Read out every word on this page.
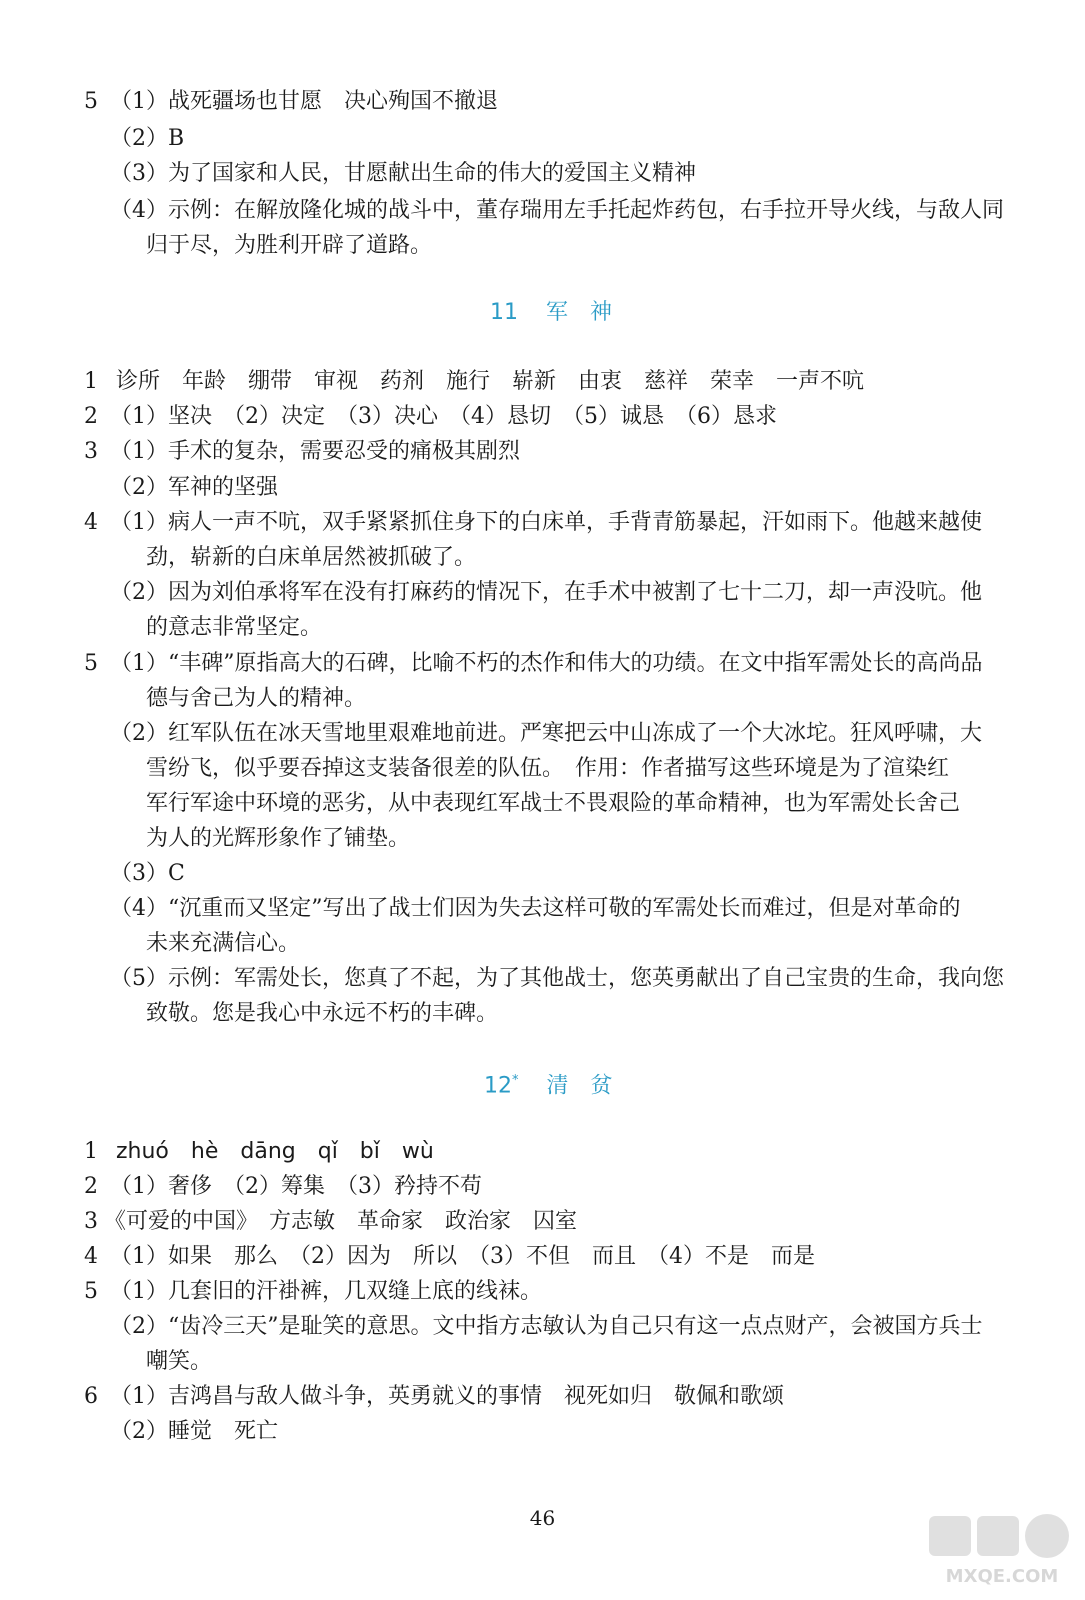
5 （1）战死疆场也甘愿　决心殉国不撤退
（2）B
（3）为了国家和人民，甘愿献出生命的伟大的爱国主义精神
（4）示例：在解放隆化城的战斗中，董存瑞用左手托起炸药包，右手拉开导火线，与敌人同
归于尽，为胜利开辟了道路。
11 军　神
1 诊所　年龄　绷带　审视　药剂　施行　崭新　由衷　慈祥　荣幸　一声不吭
2 （1）坚决　（2）决定　（3）决心　（4）恳切　（5）诚恳　（6）恳求
3 （1）手术的复杂，需要忍受的痛极其剧烈
（2）军神的坚强
4 （1）病人一声不吭，双手紧紧抓住身下的白床单，手背青筋暴起，汗如雨下。他越来越使
劲，崭新的白床单居然被抓破了。
（2）因为刘伯承将军在没有打麻药的情况下，在手术中被割了七十二刀，却一声没吭。他
的意志非常坚定。
5 （1）“丰碑”原指高大的石碑，比喻不朽的杰作和伟大的功绩。在文中指军需处长的高尚品
德与舍己为人的精神。
（2）红军队伍在冰天雪地里艰难地前进。严寒把云中山冻成了一个大冰坨。狂风呼啸，大
雪纷飞，似乎要吞掉这支装备很差的队伍。　作用：作者描写这些环境是为了渲染红
军行军途中环境的恶劣，从中表现红军战士不畏艰险的革命精神，也为军需处长舍己
为人的光辉形象作了铺垫。
（3）C
（4）“沉重而又坚定”写出了战士们因为失去这样可敬的军需处长而难过，但是对革命的
未来充满信心。
（5）示例：军需处长，您真了不起，为了其他战士，您英勇献出了自己宝贵的生命，我向您
致敬。您是我心中永远不朽的丰碑。
12* 清　贫
1 zhuó　hè　dāng　qǐ　bǐ　wù
2 （1）奢侈　（2）筹集　（3）矜持不苟
3 《可爱的中国》　方志敏　革命家　政治家　囚室
4 （1）如果　那么　（2）因为　所以　（3）不但　而且　（4）不是　而是
5 （1）几套旧的汗褂裤，几双缝上底的线袜。
（2）“齿冷三天”是耻笑的意思。文中指方志敏认为自己只有这一点点财产，会被国方兵士
嘲笑。
6 （1）吉鸿昌与敌人做斗争，英勇就义的事情　视死如归　敬佩和歌颂
（2）睡觉　死亡
46
MXQE.COM
